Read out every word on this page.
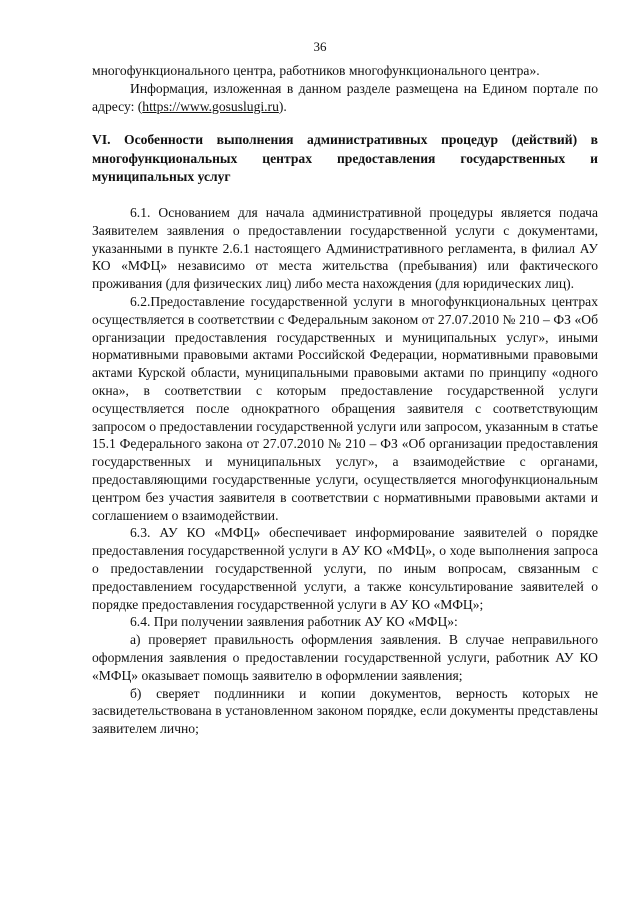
36

многофункционального центра, работников многофункционального центра».

Информация, изложенная в данном разделе размещена на Едином портале по адресу: (https://www.gosuslugi.ru).

VI. Особенности выполнения административных процедур (действий) в многофункциональных центрах предоставления государственных и муниципальных услуг

6.1. Основанием для начала административной процедуры является подача Заявителем заявления о предоставлении государственной услуги с документами, указанными в пункте 2.6.1 настоящего Административного регламента, в филиал АУ КО «МФЦ» независимо от места жительства (пребывания) или фактического проживания (для физических лиц) либо места нахождения (для юридических лиц).

6.2.Предоставление государственной услуги в многофункциональных центрах осуществляется в соответствии с Федеральным законом от 27.07.2010 № 210 – ФЗ «Об организации предоставления государственных и муниципальных услуг», иными нормативными правовыми актами Российской Федерации, нормативными правовыми актами Курской области, муниципальными правовыми актами по принципу «одного окна», в соответствии с которым предоставление государственной услуги осуществляется после однократного обращения заявителя с соответствующим запросом о предоставлении государственной услуги или запросом, указанным в статье 15.1 Федерального закона от 27.07.2010 № 210 – ФЗ «Об организации предоставления государственных и муниципальных услуг», а взаимодействие с органами, предоставляющими государственные услуги, осуществляется многофункциональным центром без участия заявителя в соответствии с нормативными правовыми актами и соглашением о взаимодействии.

6.3. АУ КО «МФЦ» обеспечивает информирование заявителей о порядке предоставления государственной услуги в АУ КО «МФЦ», о ходе выполнения запроса о предоставлении государственной услуги, по иным вопросам, связанным с предоставлением государственной услуги, а также консультирование заявителей о порядке предоставления государственной услуги в АУ КО «МФЦ»;

6.4. При получении заявления работник АУ КО «МФЦ»:

а) проверяет правильность оформления заявления. В случае неправильного оформления заявления о предоставлении государственной услуги, работник АУ КО «МФЦ» оказывает помощь заявителю в оформлении заявления;

б) сверяет подлинники и копии документов, верность которых не засвидетельствована в установленном законом порядке, если документы представлены заявителем лично;
